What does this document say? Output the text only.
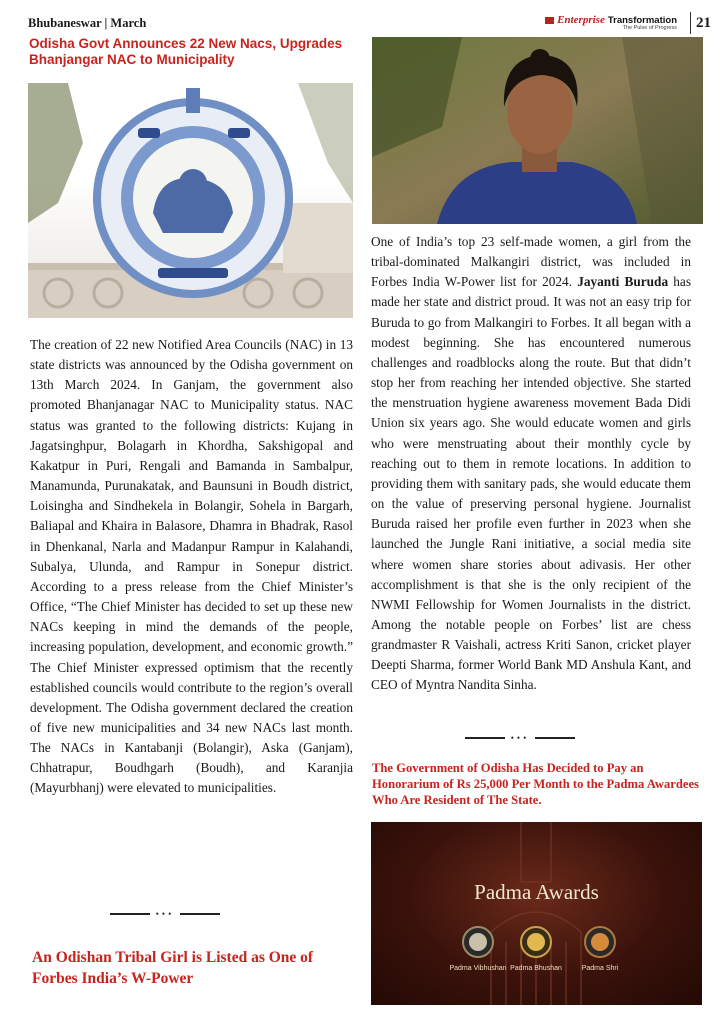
Bhubaneswar | March	Enterprise Transformation
The Pulse of Progress	21
Odisha Govt Announces 22 New Nacs, Upgrades Bhanjangar NAC to Municipality
The creation of 22 new Notified Area Councils (NAC) in 13 state districts was announced by the Odisha government on 13th March 2024. In Ganjam, the government also promoted Bhanjanagar NAC to Municipality status. NAC status was granted to the following districts: Kujang in Jagatsinghpur, Bolagarh in Khordha, Sakshigopal and Kakatpur in Puri, Rengali and Bamanda in Sambalpur, Manamunda, Purunakatak, and Baunsuni in Boudh district, Loisingha and Sindhekela in Bolangir, Sohela in Bargarh, Baliapal and Khaira in Balasore, Dhamra in Bhadrak, Rasol in Dhenkanal, Narla and Madanpur Rampur in Kalahandi, Subalya, Ulunda, and Rampur in Sonepur district. According to a press release from the Chief Minister’s Office, “The Chief Minister has decided to set up these new NACs keeping in mind the demands of the people, increasing population, development, and economic growth.” The Chief Minister expressed optimism that the recently established councils would contribute to the region’s overall development. The Odisha government declared the creation of five new municipalities and 34 new NACs last month. The NACs in Kantabanji (Bolangir), Aska (Ganjam), Chhatrapur, Boudhgarh (Boudh), and Karanjia (Mayurbhanj) were elevated to municipalities.
•••
An Odishan Tribal Girl is Listed as One of Forbes India’s W-Power
One of India’s top 23 self-made women, a girl from the tribal-dominated Malkangiri district, was included in Forbes India W-Power list for 2024. Jayanti Buruda has made her state and district proud. It was not an easy trip for Buruda to go from Malkangiri to Forbes. It all began with a modest beginning. She has encountered numerous challenges and roadblocks along the route. But that didn’t stop her from reaching her intended objective. She started the menstruation hygiene awareness movement Bada Didi Union six years ago. She would educate women and girls who were menstruating about their monthly cycle by reaching out to them in remote locations. In addition to providing them with sanitary pads, she would educate them on the value of preserving personal hygiene. Journalist Buruda raised her profile even further in 2023 when she launched the Jungle Rani initiative, a social media site where women share stories about adivasis. Her other accomplishment is that she is the only recipient of the NWMI Fellowship for Women Journalists in the district. Among the notable people on Forbes’ list are chess grandmaster R Vaishali, actress Kriti Sanon, cricket player Deepti Sharma, former World Bank MD Anshula Kant, and CEO of Myntra Nandita Sinha.
•••
The Government of Odisha Has Decided to Pay an Honorarium of Rs 25,000 Per Month to the Padma Awardees Who Are Resident of The State.
Padma Awards
Padma Vibhushan Padma Bhushan	Padma Shri
